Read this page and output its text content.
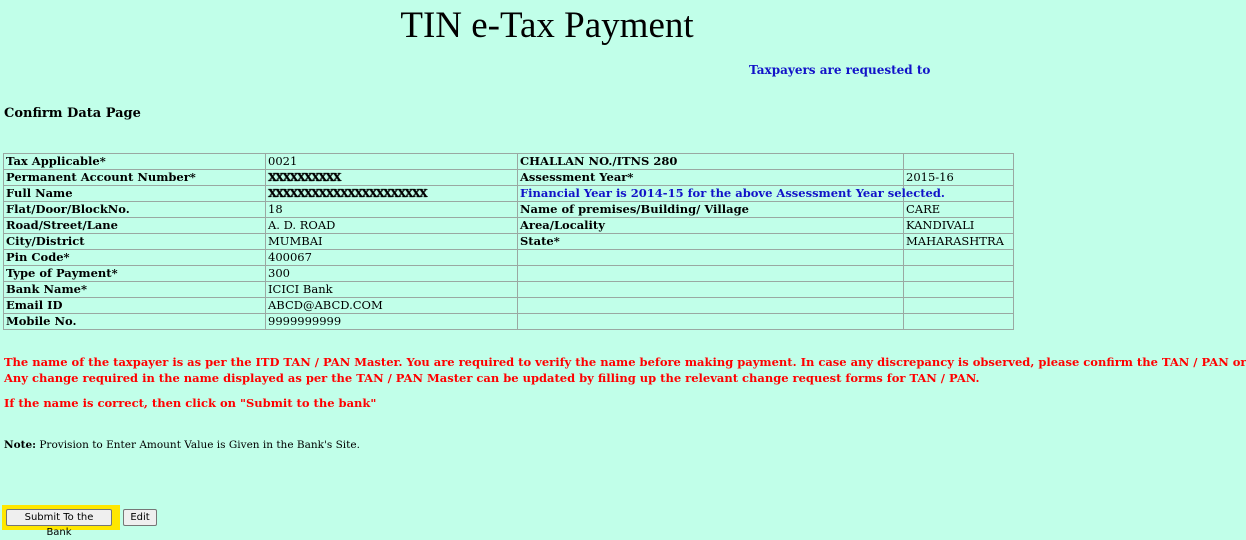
TIN e-Tax Payment
Taxpayers are requested to
Confirm Data Page
Tax Applicable*	0021	CHALLAN NO./ITNS 280	
Permanent Account Number*	XXXXXXXXXX	Assessment Year*	2015-16
Full Name	XXXXXXXXXXXXXXXXXXXXXX	Financial Year is 2014-15 for the above Assessment Year selected.	
Flat/Door/BlockNo.	18	Name of premises/Building/ Village	CARE
Road/Street/Lane	A. D. ROAD	Area/Locality	KANDIVALI
City/District	MUMBAI	State*	MAHARASHTRA
Pin Code*	400067		
Type of Payment*	300		
Bank Name*	ICICI Bank		
Email ID	ABCD@ABCD.COM		
Mobile No.	9999999999		

The name of the taxpayer is as per the ITD TAN / PAN Master. You are required to verify the name before making payment. In case any discrepancy is observed, please confirm the TAN / PAN or

Any change required in the name displayed as per the TAN / PAN Master can be updated by filling up the relevant change request forms for TAN / PAN.

If the name is correct, then click on "Submit to the bank"
Note: Provision to Enter Amount Value is Given in the Bank's Site.
Submit To the Bank
Edit
